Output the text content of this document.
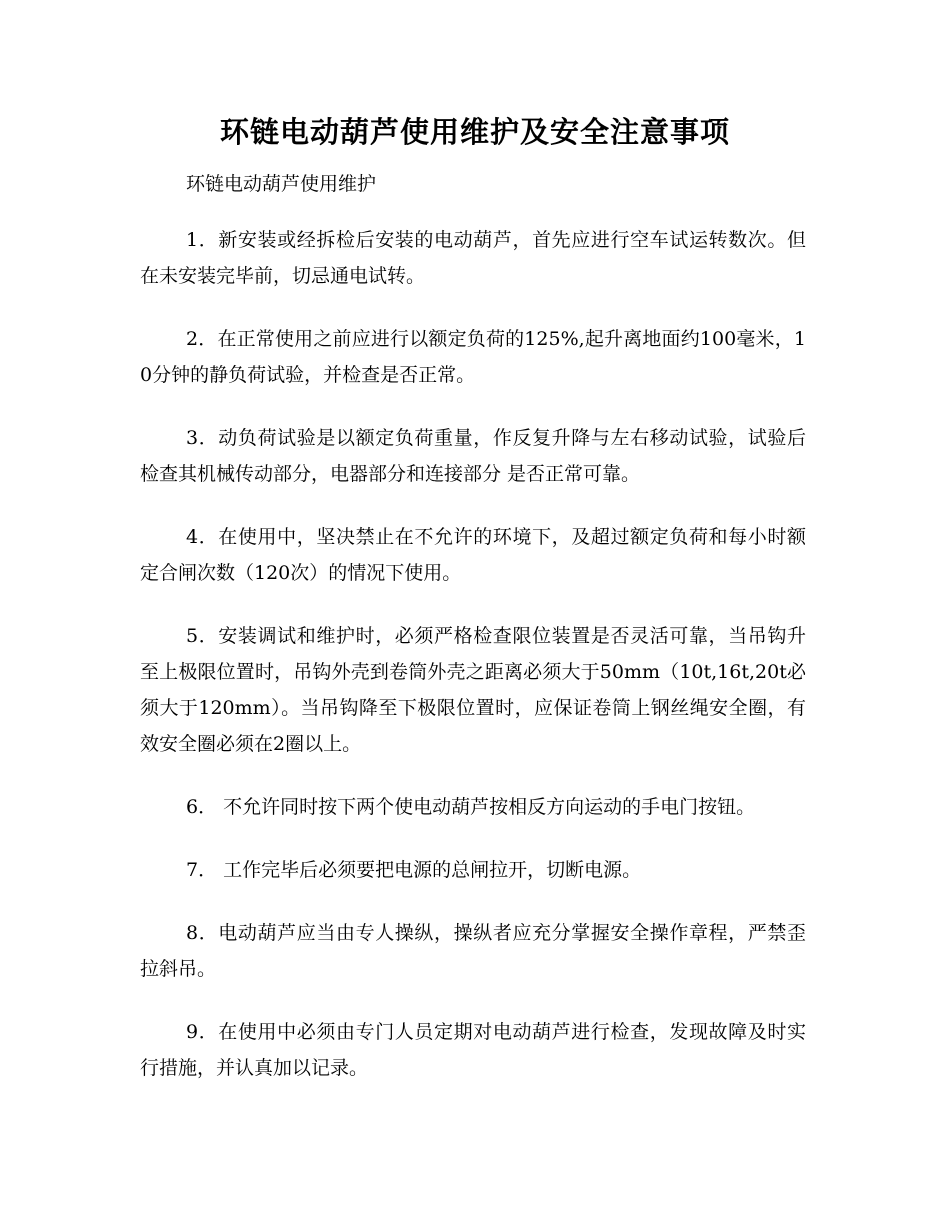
环链电动葫芦使用维护及安全注意事项

环链电动葫芦使用维护

1．新安装或经拆检后安装的电动葫芦，首先应进行空车试运转数次。但在未安装完毕前，切忌通电试转。

2．在正常使用之前应进行以额定负荷的125%,起升离地面约100毫米，10分钟的静负荷试验，并检查是否正常。

3．动负荷试验是以额定负荷重量，作反复升降与左右移动试验，试验后检查其机械传动部分，电器部分和连接部分 是否正常可靠。

4．在使用中，坚决禁止在不允许的环境下，及超过额定负荷和每小时额定合闸次数（120次）的情况下使用。

5．安装调试和维护时，必须严格检查限位装置是否灵活可靠，当吊钩升至上极限位置时，吊钩外壳到卷筒外壳之距离必须大于50mm（10t,16t,20t必须大于120mm）。当吊钩降至下极限位置时，应保证卷筒上钢丝绳安全圈，有效安全圈必须在2圈以上。

6． 不允许同时按下两个使电动葫芦按相反方向运动的手电门按钮。

7． 工作完毕后必须要把电源的总闸拉开，切断电源。

8．电动葫芦应当由专人操纵，操纵者应充分掌握安全操作章程，严禁歪拉斜吊。

9．在使用中必须由专门人员定期对电动葫芦进行检查，发现故障及时实行措施，并认真加以记录。
